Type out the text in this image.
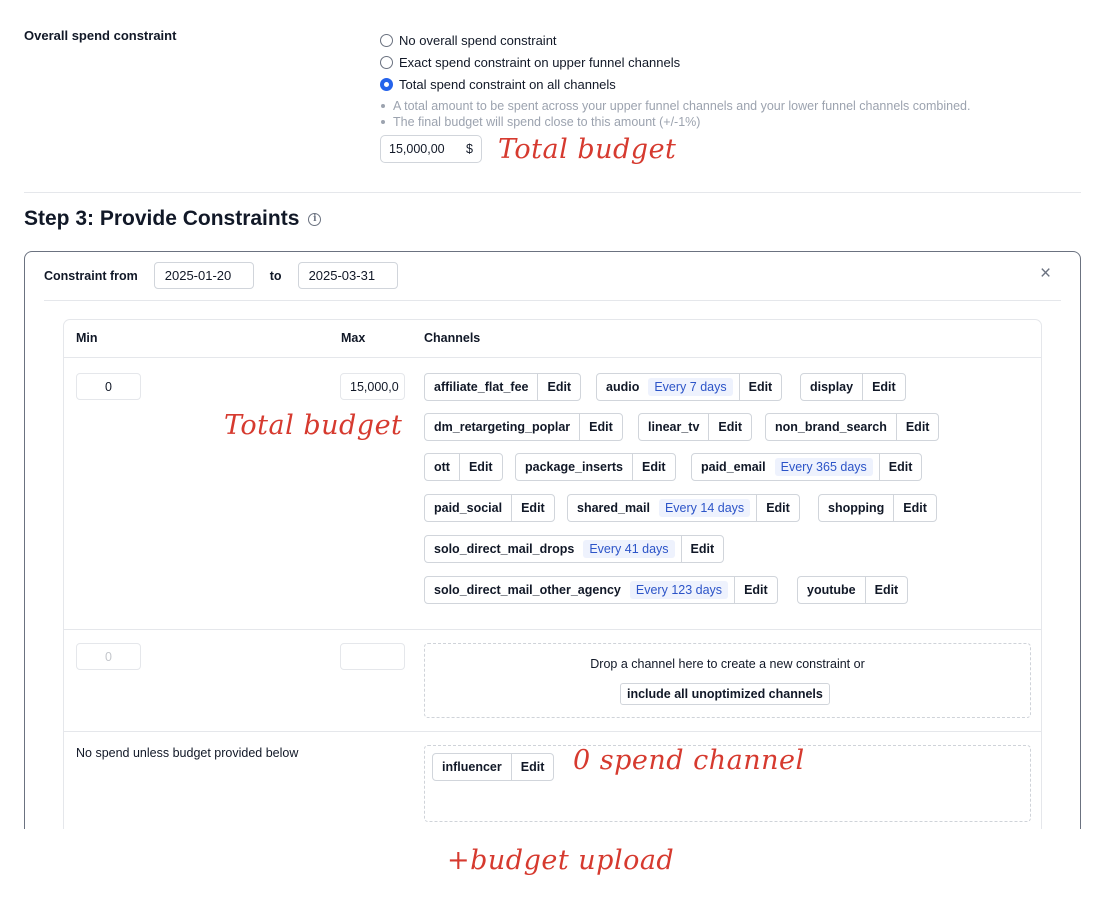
Overall spend constraint	No overall spend constraint
Exact spend constraint on upper funnel channels
Total spend constraint on all channels
A total amount to be spent across your upper funnel channels and your lower funnel channels combined.
The final budget will spend close to this amount (+/-1%)
15,000,00	$ Total budget
Step 3: Provide Constraints	i
Constraint from	2025-01-20	to	2025-03-31	×
Min	Max	Channels
0	15,000,0
Total budget
affiliate_flat_fee	Edit	audio	Every 7 days	Edit	display	Edit
dm_retargeting_poplar	Edit	linear_tv	Edit	non_brand_search	Edit
ott	Edit	package_inserts	Edit	paid_email	Every 365 days	Edit
paid_social	Edit	shared_mail	Every 14 days	Edit	shopping	Edit
solo_direct_mail_drops	Every 41 days	Edit
solo_direct_mail_other_agency	Every 123 days	Edit	youtube	Edit
0
Drop a channel here to create a new constraint or
include all unoptimized channels
No spend unless budget provided below
influencer	Edit	0 spend channel
+budget upload
